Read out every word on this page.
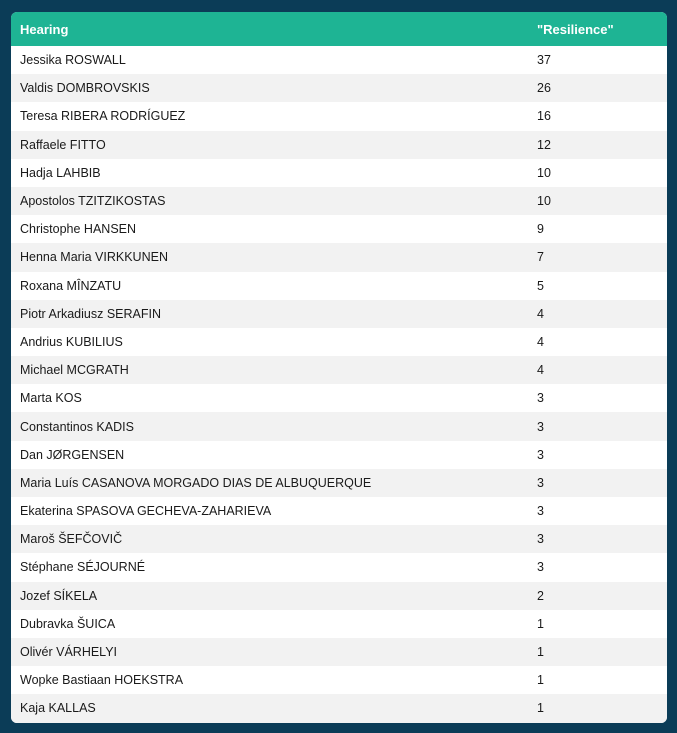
Hearing	"Resilience"
Jessika ROSWALL	37
Valdis DOMBROVSKIS	26
Teresa RIBERA RODRÍGUEZ	16
Raffaele FITTO	12
Hadja LAHBIB	10
Apostolos TZITZIKOSTAS	10
Christophe HANSEN	9
Henna Maria VIRKKUNEN	7
Roxana MÎNZATU	5
Piotr Arkadiusz SERAFIN	4
Andrius KUBILIUS	4
Michael MCGRATH	4
Marta KOS	3
Constantinos KADIS	3
Dan JØRGENSEN	3
Maria Luís CASANOVA MORGADO DIAS DE ALBUQUERQUE	3
Ekaterina SPASOVA GECHEVA-ZAHARIEVA	3
Maroš ŠEFČOVIČ	3
Stéphane SÉJOURNÉ	3
Jozef SÍKELA	2
Dubravka ŠUICA	1
Olivér VÁRHELYI	1
Wopke Bastiaan HOEKSTRA	1
Kaja KALLAS	1
